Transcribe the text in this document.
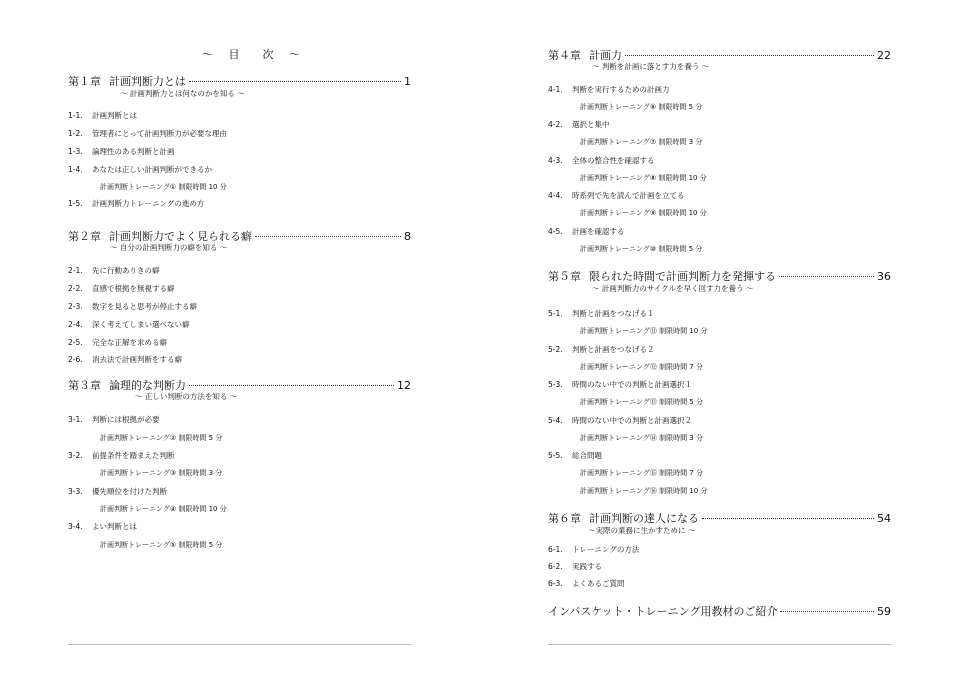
～ 目　次 ～
第１章 計画判断力とは	1
～ 計画判断力とは何なのかを知る ～
1-1. 計画判断とは
1-2. 管理者にとって計画判断力が必要な理由
1-3. 論理性のある判断と計画
1-4. あなたは正しい計画判断ができるか
計画判断トレーニング① 制限時間 10 分
1-5. 計画判断力トレーニングの進め方
第２章 計画判断力でよく見られる癖	8
～ 自分の計画判断力の癖を知る ～
2-1. 先に行動ありきの癖
2-2. 直感で根拠を無視する癖
2-3. 数字を見ると思考が停止する癖
2-4. 深く考えてしまい選べない癖
2-5. 完全な正解を求める癖
2-6. 消去法で計画判断をする癖
第３章 論理的な判断力	12
～ 正しい判断の方法を知る ～
3-1. 判断には根拠が必要
計画判断トレーニング② 制限時間 5 分
3-2. 前提条件を踏まえた判断
計画判断トレーニング③ 制限時間 3 分
3-3. 優先順位を付けた判断
計画判断トレーニング④ 制限時間 10 分
3-4. よい判断とは
計画判断トレーニング⑤ 制限時間 5 分
第４章 計画力	22
～ 判断を計画に落とす力を養う ～
4-1. 判断を実行するための計画力
計画判断トレーニング⑥ 制限時間 5 分
4-2. 選択と集中
計画判断トレーニング⑦ 制限時間 3 分
4-3. 全体の整合性を確認する
計画判断トレーニング⑧ 制限時間 10 分
4-4. 時系列で先を読んで計画を立てる
計画判断トレーニング⑨ 制限時間 10 分
4-5. 計画を確認する
計画判断トレーニング⑩ 制限時間 5 分
第５章 限られた時間で計画判断力を発揮する	36
～ 計画判断力のサイクルを早く回す力を養う ～
5-1. 判断と計画をつなげる１
計画判断トレーニング⑪ 制限時間 10 分
5-2. 判断と計画をつなげる２
計画判断トレーニング⑫ 制限時間 7 分
5-3. 時間のない中での判断と計画選択１
計画判断トレーニング⑬ 制限時間 5 分
5-4. 時間のない中での判断と計画選択２
計画判断トレーニング⑭ 制限時間 3 分
5-5. 総合問題
計画判断トレーニング⑮ 制限時間 7 分
計画判断トレーニング⑯ 制限時間 10 分
第６章 計画判断の達人になる	54
～実際の業務に生かすために ～
6-1. トレーニングの方法
6-2. 実践する
6-3. よくあるご質問
インバスケット・トレーニング用教材のご紹介	59
